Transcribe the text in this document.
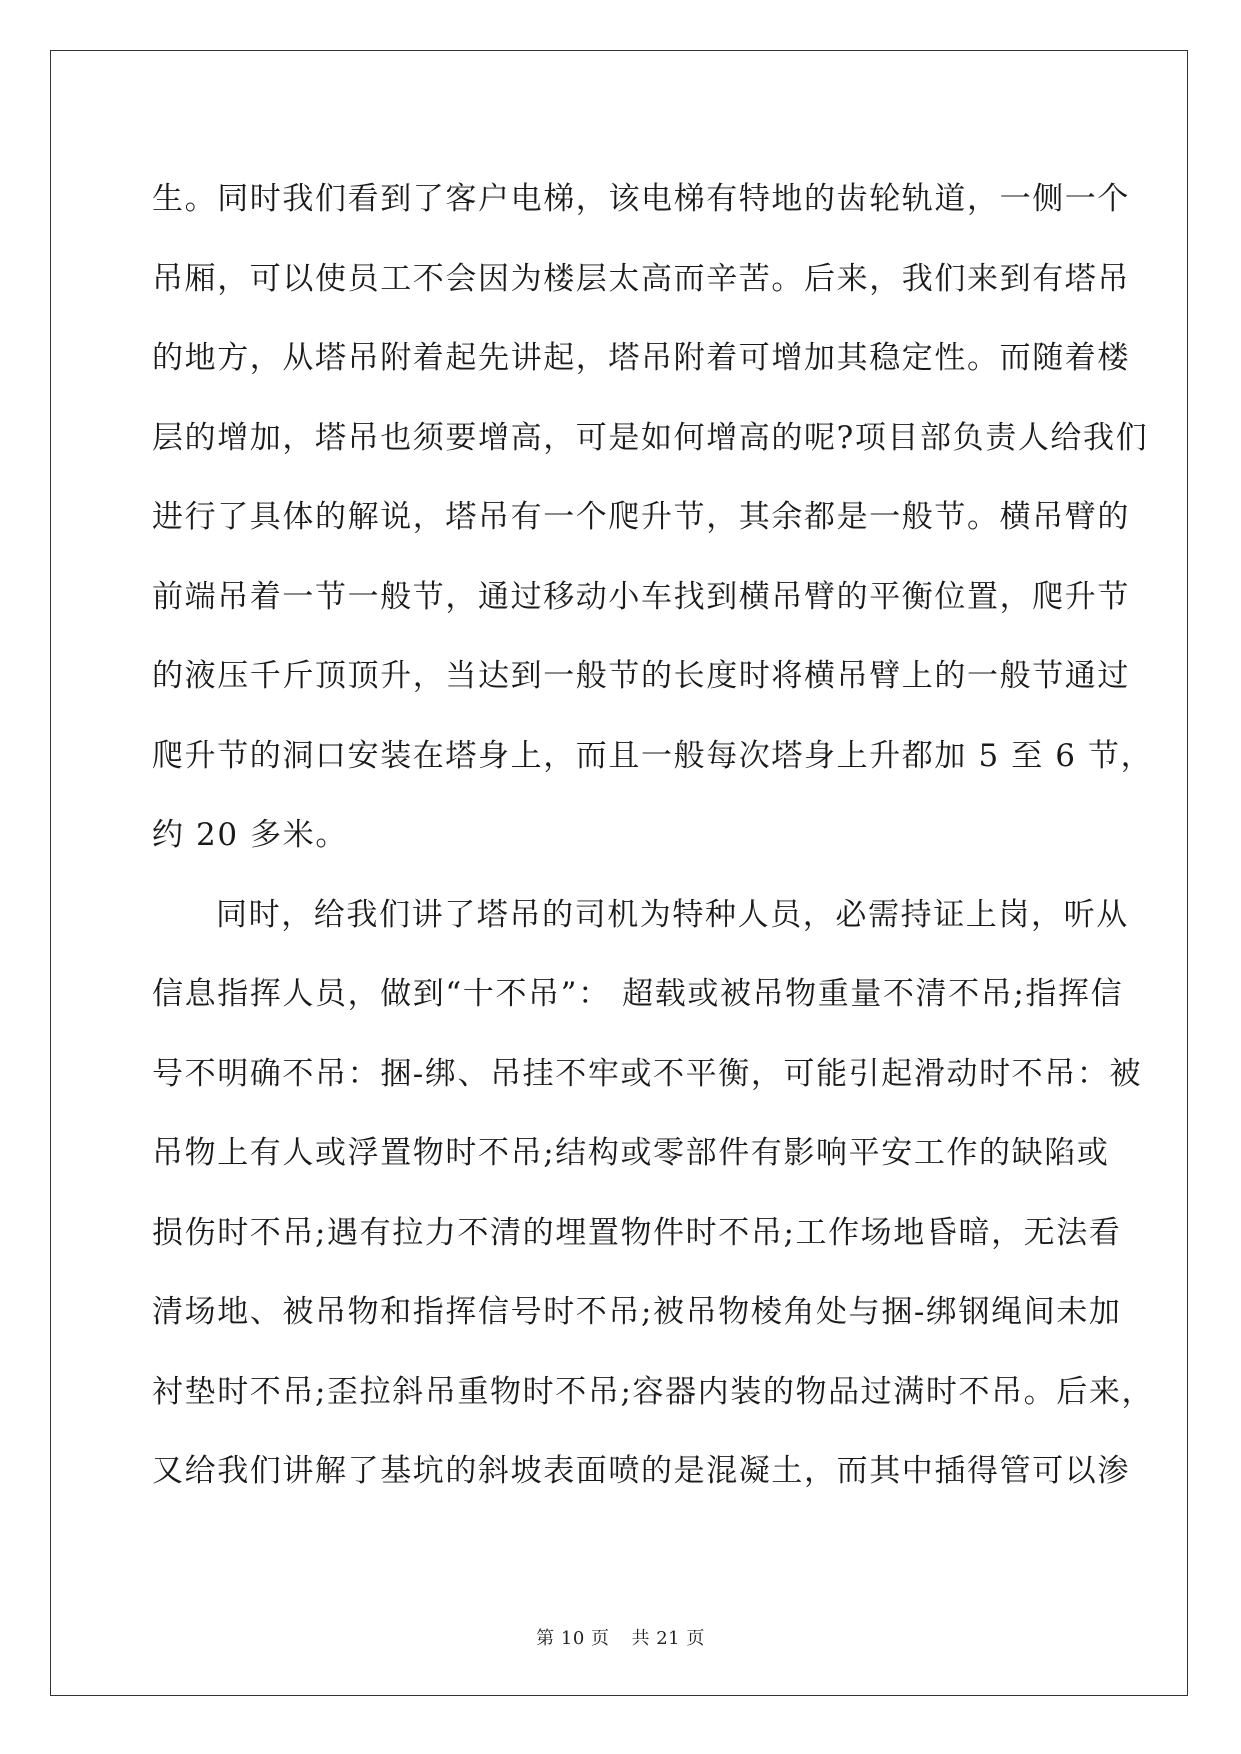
生。同时我们看到了客户电梯，该电梯有特地的齿轮轨道，一侧一个
吊厢，可以使员工不会因为楼层太高而辛苦。后来，我们来到有塔吊
的地方，从塔吊附着起先讲起，塔吊附着可增加其稳定性。而随着楼
层的增加，塔吊也须要增高，可是如何增高的呢?项目部负责人给我们
进行了具体的解说，塔吊有一个爬升节，其余都是一般节。横吊臂的
前端吊着一节一般节，通过移动小车找到横吊臂的平衡位置，爬升节
的液压千斤顶顶升，当达到一般节的长度时将横吊臂上的一般节通过
爬升节的洞口安装在塔身上，而且一般每次塔身上升都加 5 至 6 节，
约 20 多米。

同时，给我们讲了塔吊的司机为特种人员，必需持证上岗，听从
信息指挥人员，做到“十不吊”： 超载或被吊物重量不清不吊;指挥信
号不明确不吊：捆-绑、吊挂不牢或不平衡，可能引起滑动时不吊：被
吊物上有人或浮置物时不吊;结构或零部件有影响平安工作的缺陷或
损伤时不吊;遇有拉力不清的埋置物件时不吊;工作场地昏暗，无法看
清场地、被吊物和指挥信号时不吊;被吊物棱角处与捆-绑钢绳间未加
衬垫时不吊;歪拉斜吊重物时不吊;容器内装的物品过满时不吊。后来，
又给我们讲解了基坑的斜坡表面喷的是混凝土，而其中插得管可以渗

第 10 页 共 21 页
